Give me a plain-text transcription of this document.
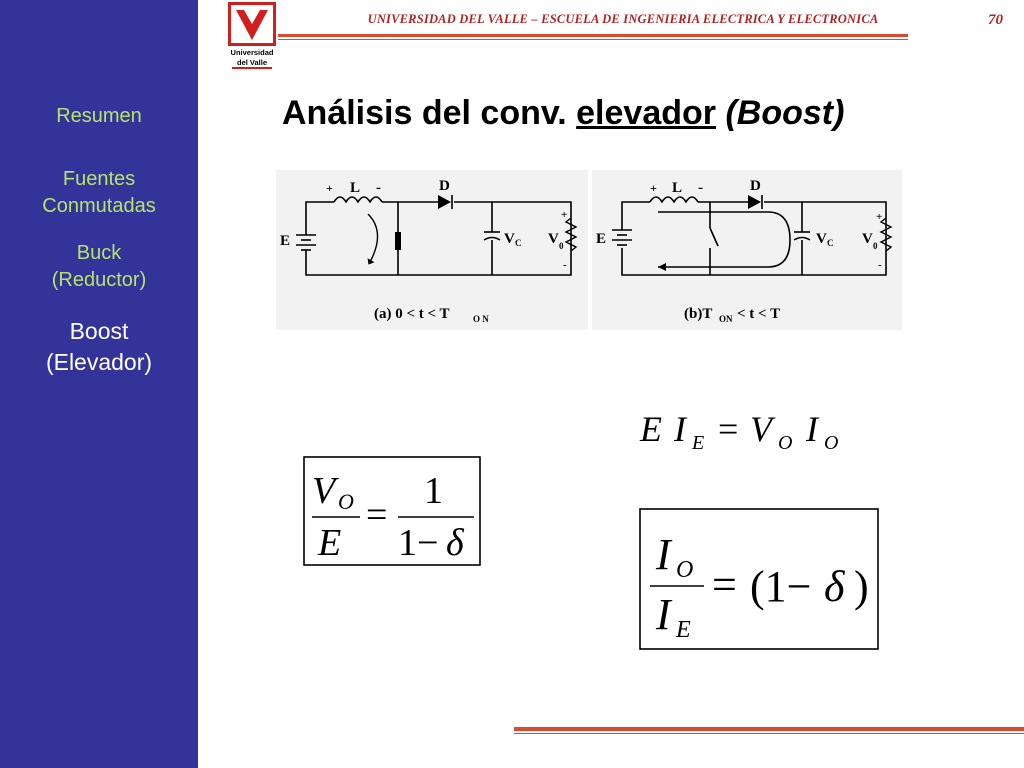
Resumen
Fuentes
Conmutadas
Buck
(Reductor)
Boost
(Elevador)
Universidad
del Valle
UNIVERSIDAD DEL VALLE – ESCUELA DE INGENIERIA ELECTRICA Y ELECTRONICA	70
Análisis del conv. elevador (Boost)
+ L -	D
E	V C V 0
+
-
(a) 0 < t < T	O N
+ L -	D
E	V C V 0
+
-
(b)T ON < t < T
E I E = V O I O
V O
E
=
1
1− δ	I O
I E
= (1− δ )
